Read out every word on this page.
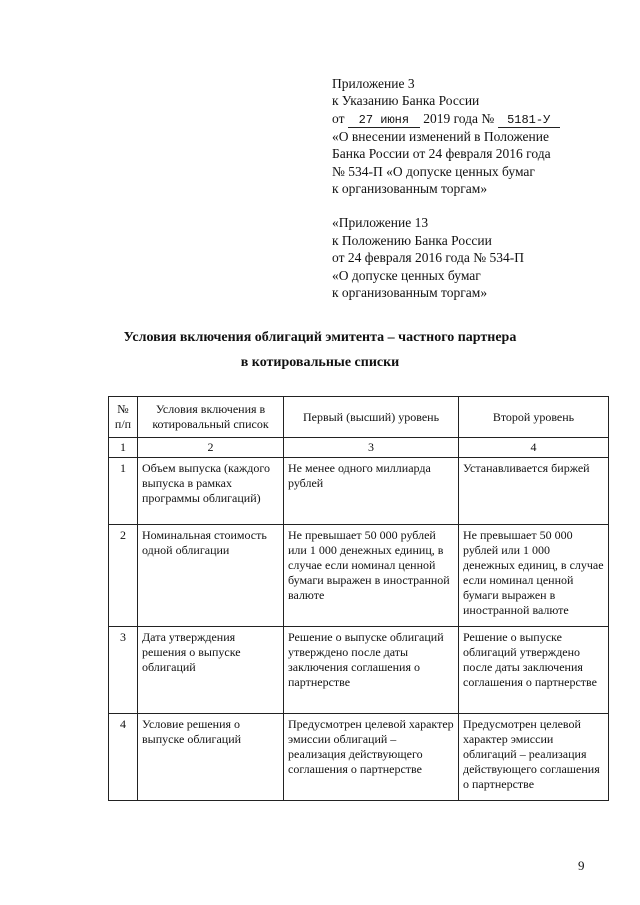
Приложение 3
к Указанию Банка России
от 27 июня 2019 года № 5181-У
«О внесении изменений в Положение
Банка России от 24 февраля 2016 года
№ 534-П «О допуске ценных бумаг
к организованным торгам»
«Приложение 13
к Положению Банка России
от 24 февраля 2016 года № 534-П
«О допуске ценных бумаг
к организованным торгам»
Условия включения облигаций эмитента – частного партнера
в котировальные списки
№ п/п	Условия включения в котировальный список	Первый (высший) уровень	Второй уровень
1	2	3	4
1	Объем выпуска (каждого выпуска в рамках программы облигаций)	Не менее одного миллиарда рублей	Устанавливается биржей
2	Номинальная стоимость одной облигации	Не превышает 50 000 рублей или 1 000 денежных единиц, в случае если номинал ценной бумаги выражен в иностранной валюте	Не превышает 50 000 рублей или 1 000 денежных единиц, в случае если номинал ценной бумаги выражен в иностранной валюте
3	Дата утверждения решения о выпуске облигаций	Решение о выпуске облигаций утверждено после даты заключения соглашения о партнерстве	Решение о выпуске облигаций утверждено после даты заключения соглашения о партнерстве
4	Условие решения о выпуске облигаций	Предусмотрен целевой характер эмиссии облигаций – реализация действующего соглашения о партнерстве	Предусмотрен целевой характер эмиссии облигаций – реализация действующего соглашения о партнерстве
9
